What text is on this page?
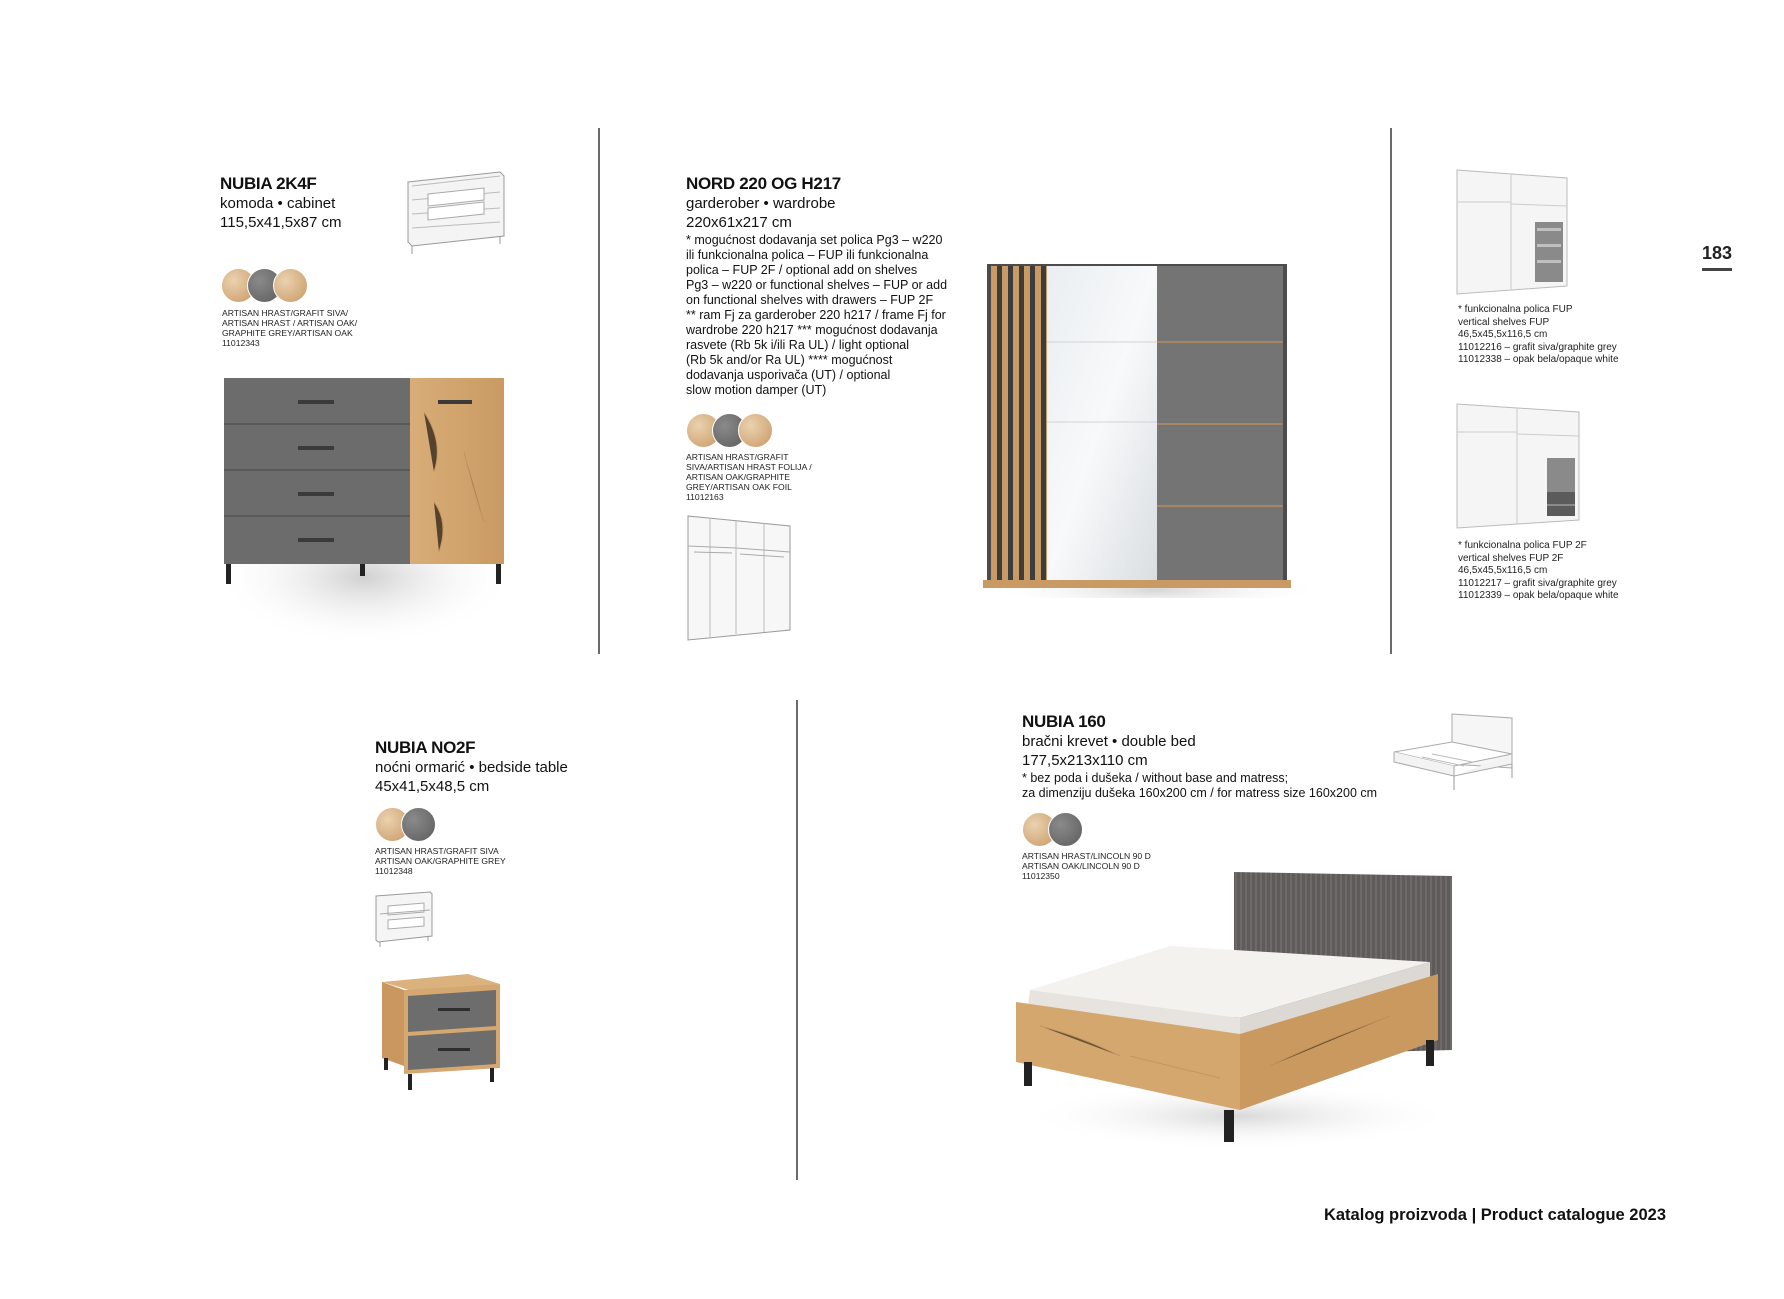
183
NUBIA 2K4F
komoda • cabinet
115,5x41,5x87 cm
ARTISAN HRAST/GRAFIT SIVA/
ARTISAN HRAST / ARTISAN OAK/
GRAPHITE GREY/ARTISAN OAK
11012343
NORD 220 OG H217
garderober • wardrobe
220x61x217 cm
* mogućnost dodavanja set polica Pg3 – w220
ili funkcionalna polica – FUP ili funkcionalna
polica – FUP 2F / optional add on shelves
Pg3 – w220 or functional shelves – FUP or add
on functional shelves with drawers – FUP 2F
** ram Fj za garderober 220 h217 / frame Fj for
wardrobe 220 h217 *** mogućnost dodavanja
rasvete (Rb 5k i/ili Ra UL) / light optional
(Rb 5k and/or Ra UL) **** mogućnost
dodavanja usporivača (UT) / optional
slow motion damper (UT)
ARTISAN HRAST/GRAFIT
SIVA/ARTISAN HRAST FOLIJA /
ARTISAN OAK/GRAPHITE
GREY/ARTISAN OAK FOIL
11012163
* funkcionalna polica FUP
vertical shelves FUP
46,5x45,5x116,5 cm
11012216 – grafit siva/graphite grey
11012338 – opak bela/opaque white
* funkcionalna polica FUP 2F
vertical shelves FUP 2F
46,5x45,5x116,5 cm
11012217 – grafit siva/graphite grey
11012339 – opak bela/opaque white
NUBIA NO2F
noćni ormarić • bedside table
45x41,5x48,5 cm
ARTISAN HRAST/GRAFIT SIVA
ARTISAN OAK/GRAPHITE GREY
11012348
NUBIA 160
bračni krevet • double bed
177,5x213x110 cm
* bez poda i dušeka / without base and matress;
za dimenziju dušeka 160x200 cm / for matress size 160x200 cm
ARTISAN HRAST/LINCOLN 90 D
ARTISAN OAK/LINCOLN 90 D
11012350
Katalog proizvoda | Product catalogue 2023
